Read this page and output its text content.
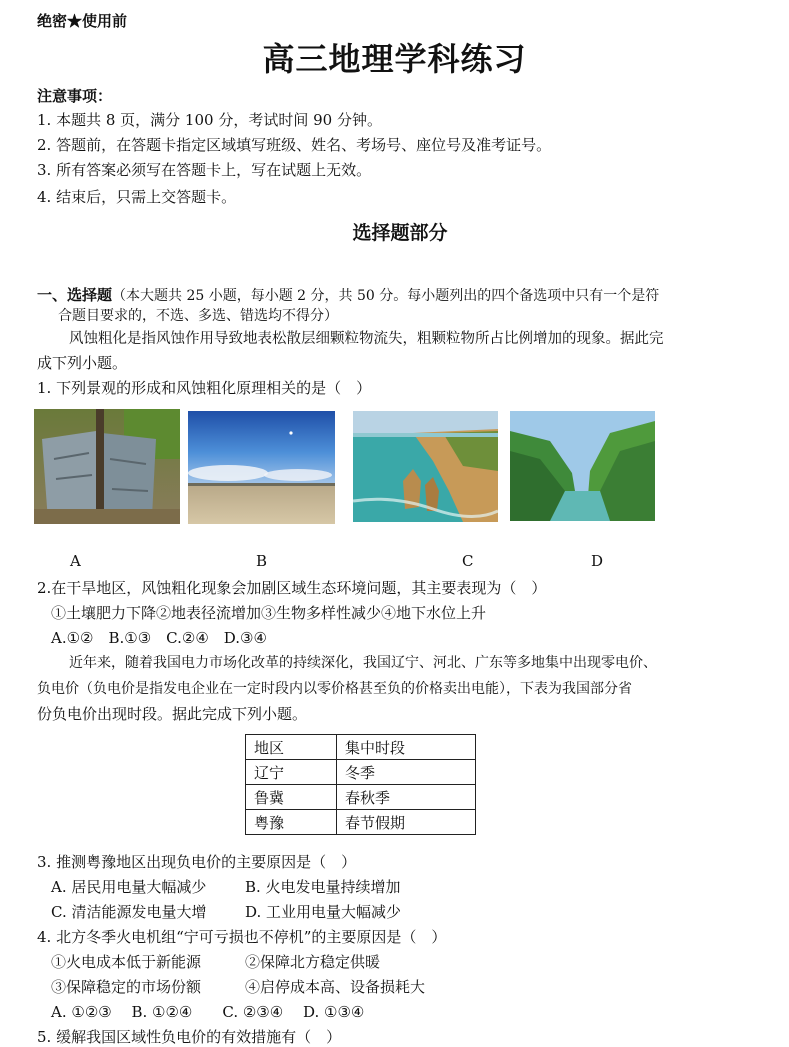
绝密★使用前
高三地理学科练习
注意事项：
1. 本题共 8 页，满分 100 分，考试时间 90 分钟。
2. 答题前，在答题卡指定区域填写班级、姓名、考场号、座位号及准考证号。
3. 所有答案必须写在答题卡上，写在试题上无效。
4. 结束后，只需上交答题卡。
选择题部分
一、选择题（本大题共 25 小题，每小题 2 分，共 50 分。每小题列出的四个备选项中只有一个是符
合题目要求的，不选、多选、错选均不得分）
风蚀粗化是指风蚀作用导致地表松散层细颗粒物流失，粗颗粒物所占比例增加的现象。据此完
成下列小题。
1. 下列景观的形成和风蚀粗化原理相关的是（　）
A	B	C	D
2.在干旱地区，风蚀粗化现象会加剧区域生态环境问题，其主要表现为（　）
①土壤肥力下降②地表径流增加③生物多样性减少④地下水位上升
A.①②　B.①③　C.②④　D.③④
近年来，随着我国电力市场化改革的持续深化，我国辽宁、河北、广东等多地集中出现零电价、
负电价（负电价是指发电企业在一定时段内以零价格甚至负的价格卖出电能），下表为我国部分省
份负电价出现时段。据此完成下列小题。
地区	集中时段
辽宁	冬季
鲁冀	春秋季
粤豫	春节假期
3. 推测粤豫地区出现负电价的主要原因是（　）
A. 居民用电量大幅减少	B. 火电发电量持续增加
C. 清洁能源发电量大增	D. 工业用电量大幅减少
4. 北方冬季火电机组“宁可亏损也不停机”的主要原因是（　）
①火电成本低于新能源	②保障北方稳定供暖
③保障稳定的市场份额	④启停成本高、设备损耗大
A. ①②③　 B. ①②④　　C. ②③④　 D. ①③④
5. 缓解我国区域性负电价的有效措施有（　）
